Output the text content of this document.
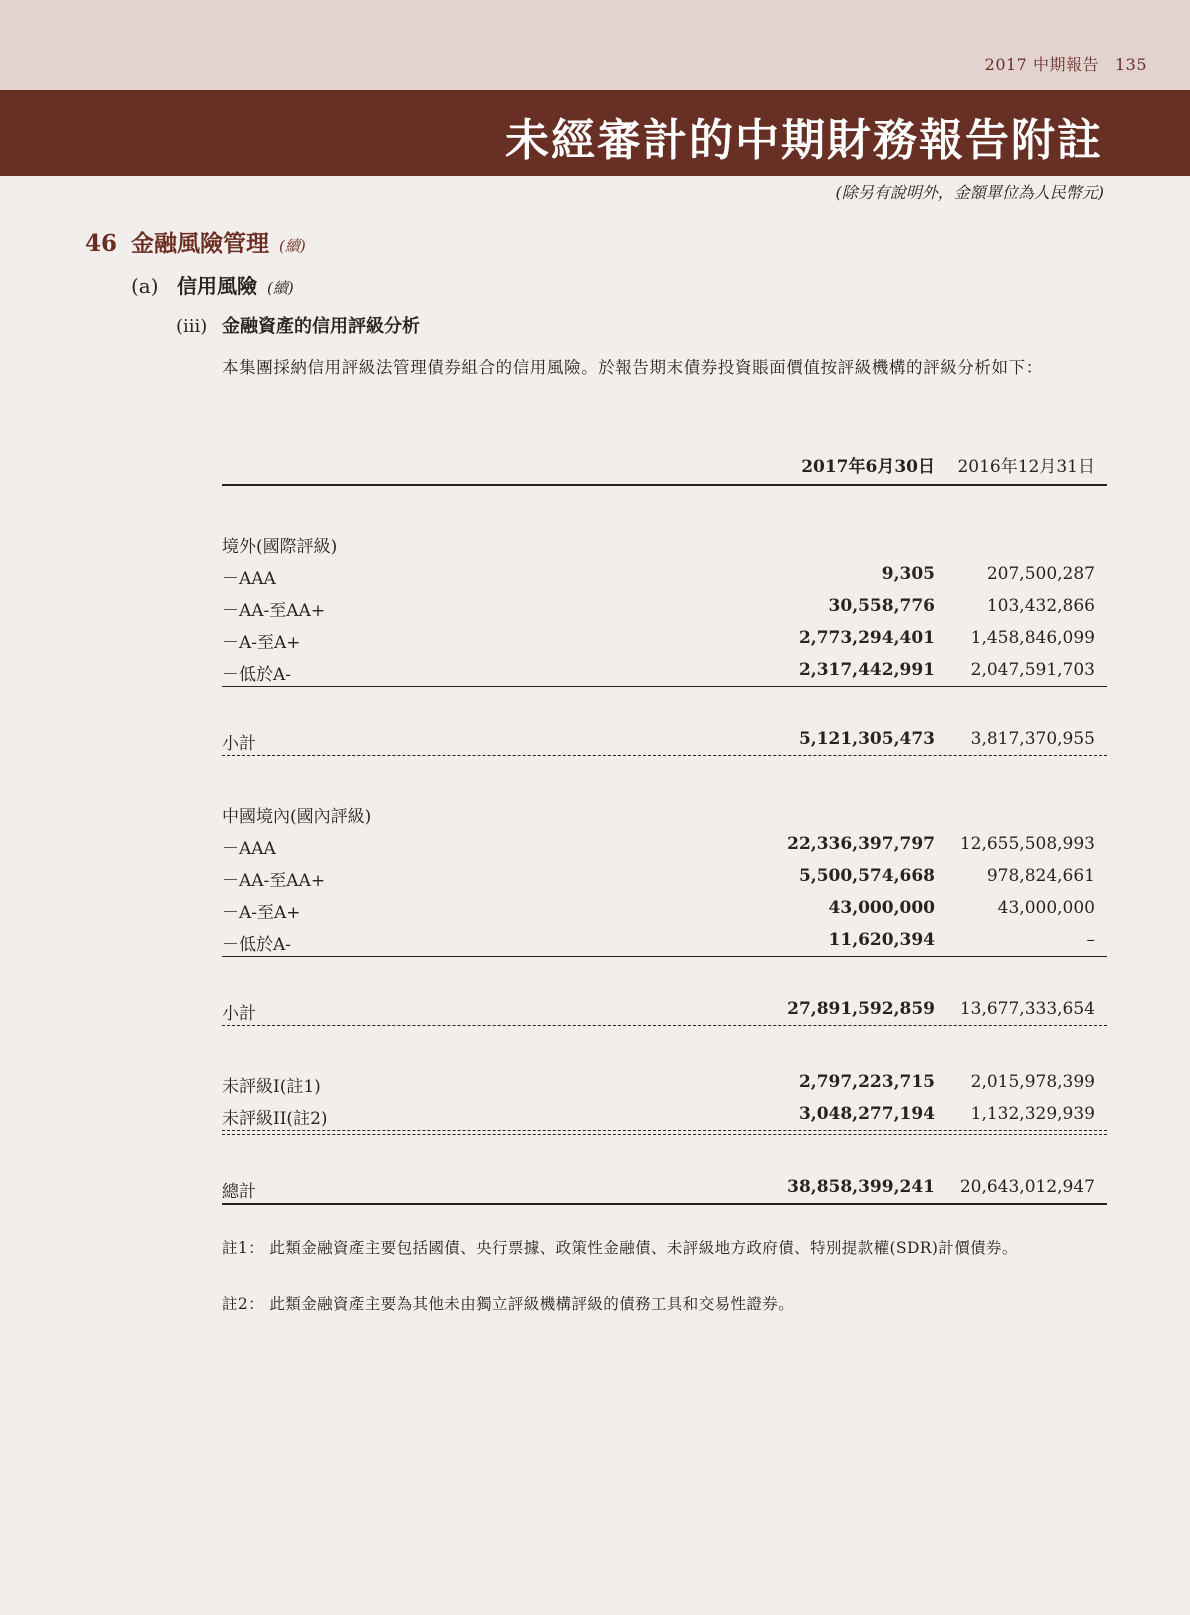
2017 中期報告 135
未經審計的中期財務報告附註
(除另有說明外，金額單位為人民幣元)
46 金融風險管理 (續)
(a) 信用風險 (續)
(iii) 金融資產的信用評級分析
本集團採納信用評級法管理債券組合的信用風險。於報告期末債券投資賬面價值按評級機構的評級分析如下：
2017年6月30日 2016年12月31日
境外(國際評級)
－AAA	9,305	207,500,287
－AA-至AA+	30,558,776	103,432,866
－A-至A+	2,773,294,401 1,458,846,099
－低於A-	2,317,442,991 2,047,591,703
小計	5,121,305,473 3,817,370,955
中國境內(國內評級)
－AAA	22,336,397,797 12,655,508,993
－AA-至AA+	5,500,574,668	978,824,661
－A-至A+	43,000,000	43,000,000
－低於A-	11,620,394	–
小計	27,891,592,859 13,677,333,654
未評級I(註1)	2,797,223,715 2,015,978,399
未評級II(註2)	3,048,277,194 1,132,329,939
總計	38,858,399,241 20,643,012,947
註1： 此類金融資產主要包括國債、央行票據、政策性金融債、未評級地方政府債、特別提款權(SDR)計價債券。
註2： 此類金融資產主要為其他未由獨立評級機構評級的債務工具和交易性證券。
